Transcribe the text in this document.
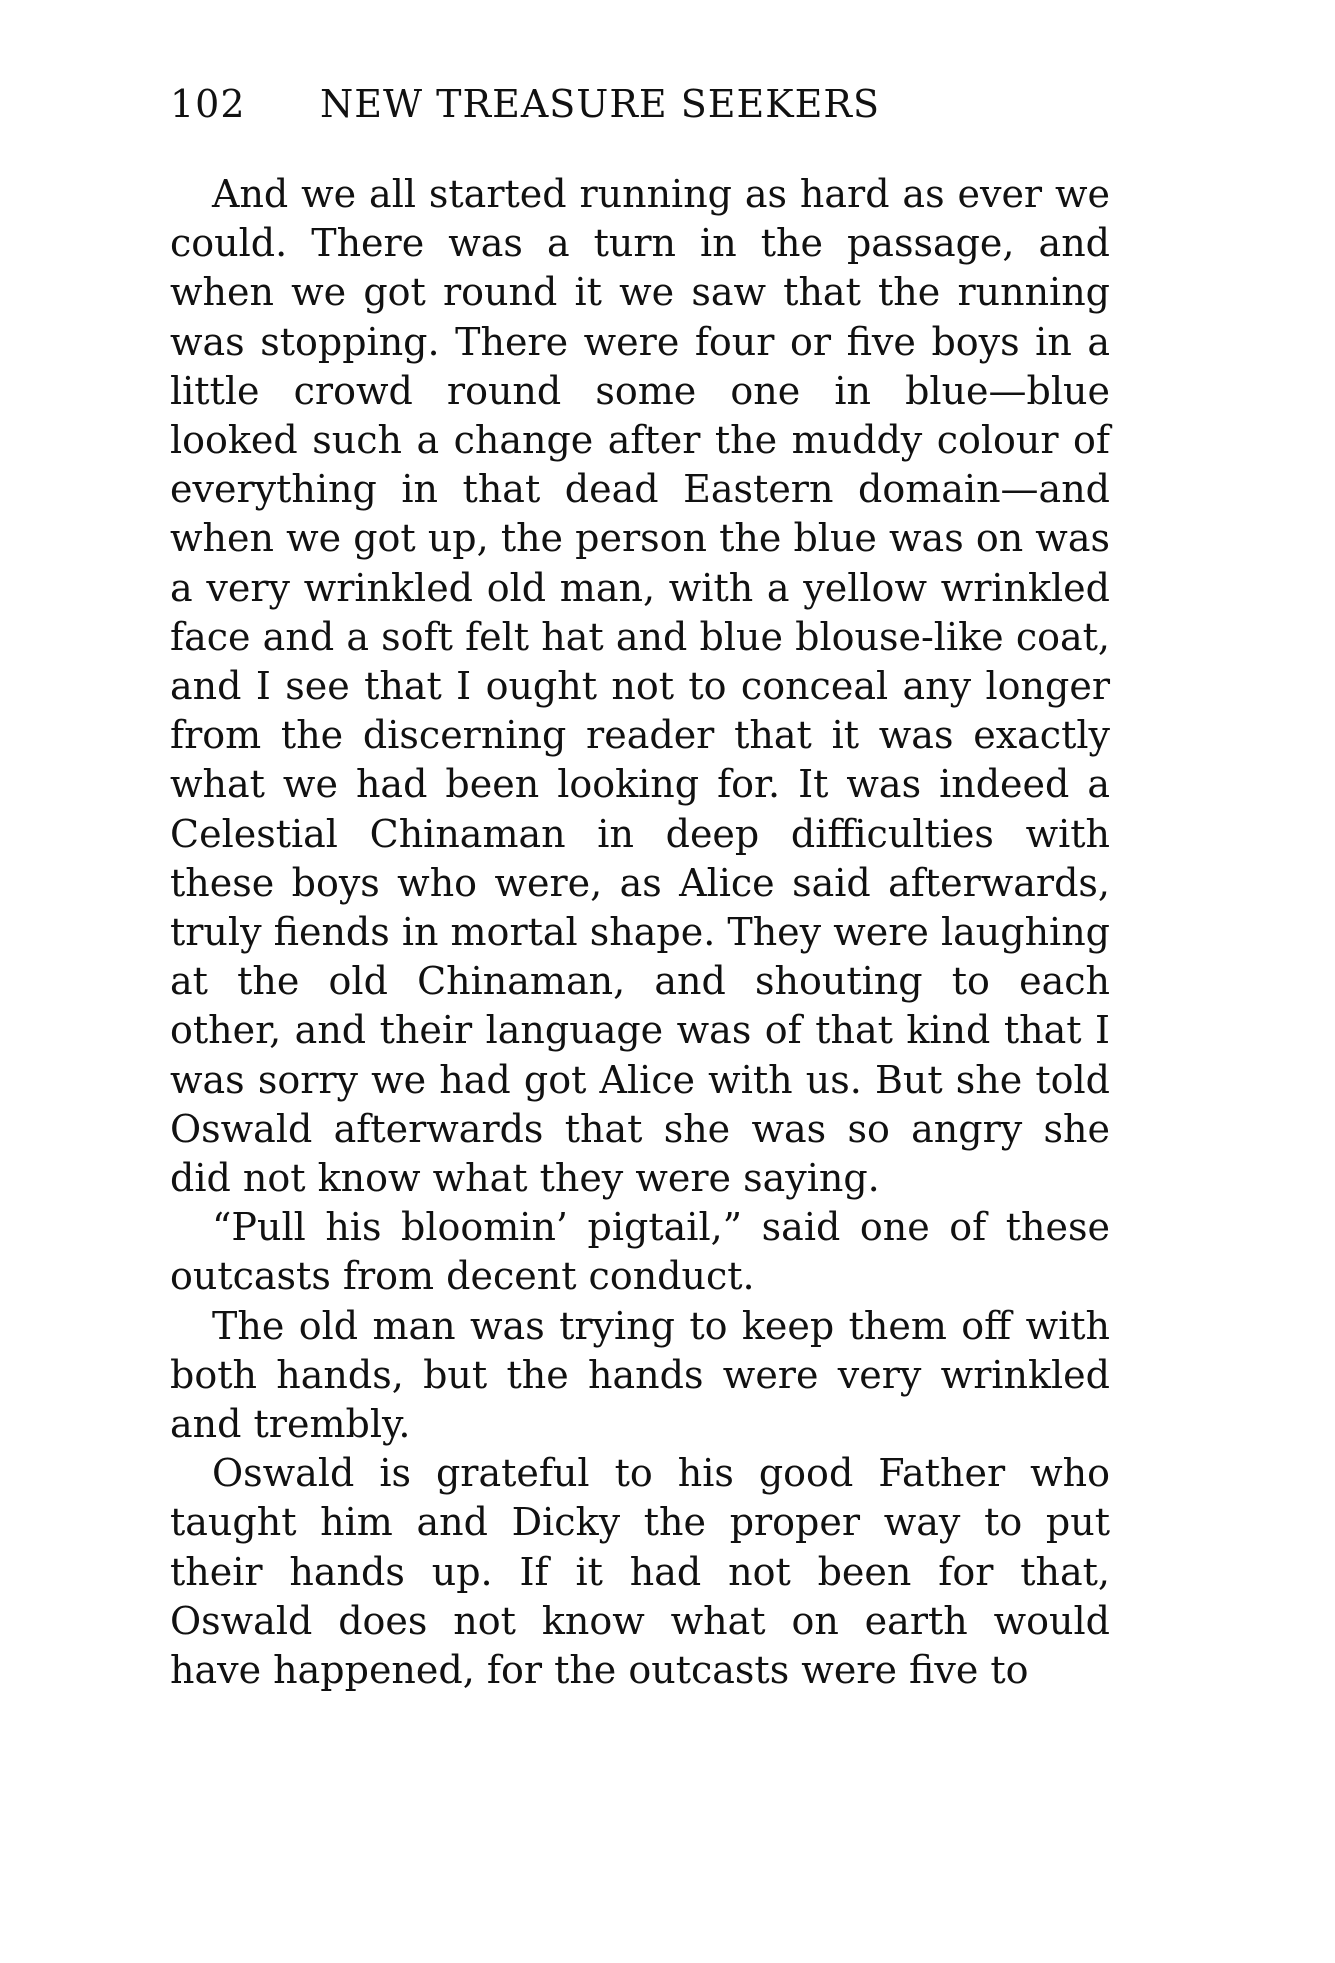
102 NEW TREASURE SEEKERS

And we all started running as hard as ever we could. There was a turn in the passage, and when we got round it we saw that the running was stopping. There were four or five boys in a little crowd round some one in blue—blue looked such a change after the muddy colour of everything in that dead Eastern domain—and when we got up, the person the blue was on was a very wrinkled old man, with a yellow wrinkled face and a soft felt hat and blue blouse-like coat, and I see that I ought not to conceal any longer from the discerning reader that it was exactly what we had been looking for. It was indeed a Celestial Chinaman in deep difficulties with these boys who were, as Alice said afterwards, truly fiends in mortal shape. They were laughing at the old Chinaman, and shouting to each other, and their language was of that kind that I was sorry we had got Alice with us. But she told Oswald afterwards that she was so angry she did not know what they were saying.

“Pull his bloomin’ pigtail,” said one of these outcasts from decent conduct.

The old man was trying to keep them off with both hands, but the hands were very wrinkled and trembly.

Oswald is grateful to his good Father who taught him and Dicky the proper way to put their hands up. If it had not been for that, Oswald does not know what on earth would have happened, for the outcasts were five to
